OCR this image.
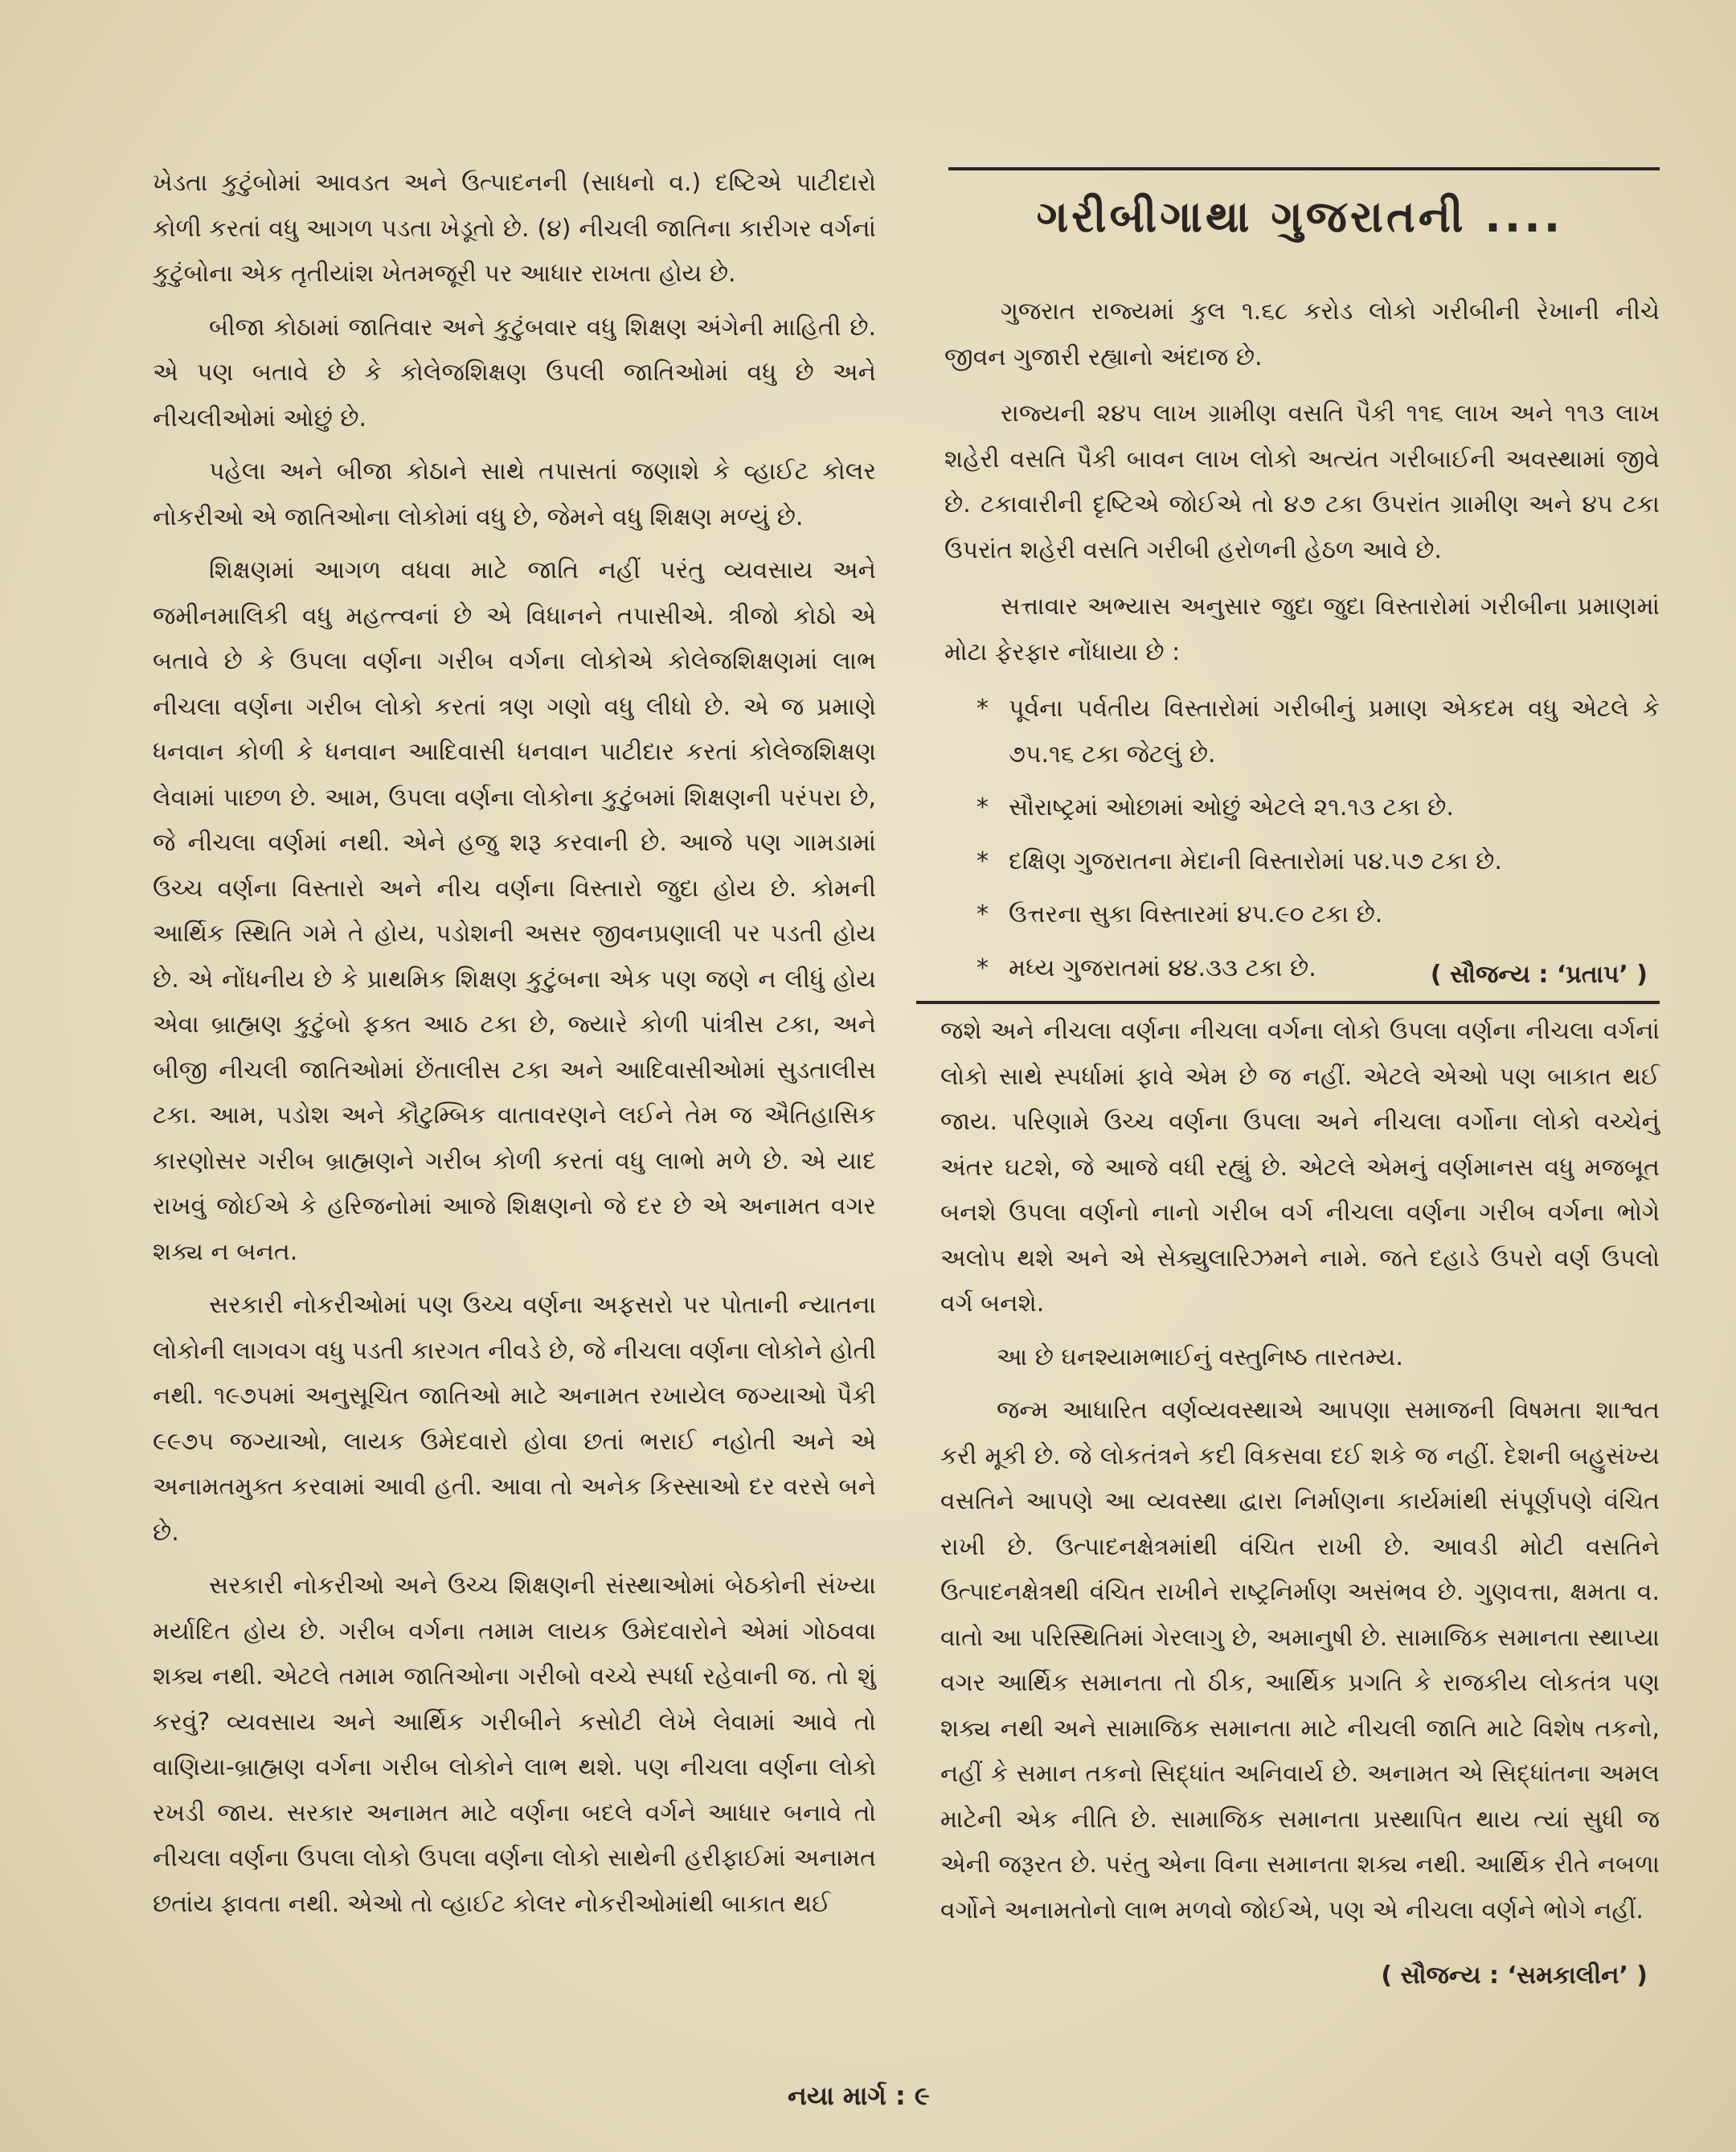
ખેડતા કુટુંબોમાં આવડત અને ઉત્પાદનની (સાધનો વ.) દષ્ટિએ પાટીદારો કોળી કરતાં વધુ આગળ પડતા ખેડૂતો છે. (૪) નીચલી જાતિના કારીગર વર્ગનાં કુટુંબોના એક તૃતીયાંશ ખેતમજૂરી પર આધાર રાખતા હોય છે.

બીજા કોઠામાં જાતિવાર અને કુટુંબવાર વધુ શિક્ષણ અંગેની માહિતી છે. એ પણ બતાવે છે કે કોલેજશિક્ષણ ઉપલી જાતિઓમાં વધુ છે અને નીચલીઓમાં ઓછું છે.

પહેલા અને બીજા કોઠાને સાથે તપાસતાં જણાશે કે વ્હાઈટ કોલર નોકરીઓ એ જાતિઓના લોકોમાં વધુ છે, જેમને વધુ શિક્ષણ મળ્યું છે.

શિક્ષણમાં આગળ વધવા માટે જાતિ નહીં પરંતુ વ્યવસાય અને જમીનમાલિકી વધુ મહત્ત્વનાં છે એ વિધાનને તપાસીએ. ત્રીજો કોઠો એ બતાવે છે કે ઉપલા વર્ણના ગરીબ વર્ગના લોકોએ કોલેજશિક્ષણમાં લાભ નીચલા વર્ણના ગરીબ લોકો કરતાં ત્રણ ગણો વધુ લીધો છે. એ જ પ્રમાણે ધનવાન કોળી કે ધનવાન આદિવાસી ધનવાન પાટીદાર કરતાં કોલેજશિક્ષણ લેવામાં પાછળ છે. આમ, ઉપલા વર્ણના લોકોના કુટુંબમાં શિક્ષણની પરંપરા છે, જે નીચલા વર્ણમાં નથી. એને હજુ શરૂ કરવાની છે. આજે પણ ગામડામાં ઉચ્ચ વર્ણના વિસ્તારો અને નીચ વર્ણના વિસ્તારો જુદા હોય છે. કોમની આર્થિક સ્થિતિ ગમે તે હોય, પડોશની અસર જીવનપ્રણાલી પર પડતી હોય છે. એ નોંધનીય છે કે પ્રાથમિક શિક્ષણ કુટુંબના એક પણ જણે ન લીધું હોય એવા બ્રાહ્મણ કુટુંબો ફક્ત આઠ ટકા છે, જ્યારે કોળી પાંત્રીસ ટકા, અને બીજી નીચલી જાતિઓમાં છેંતાલીસ ટકા અને આદિવાસીઓમાં સુડતાલીસ ટકા. આમ, પડોશ અને કૌટુમ્બિક વાતાવરણને લઈને તેમ જ ઐતિહાસિક કારણોસર ગરીબ બ્રાહ્મણને ગરીબ કોળી કરતાં વધુ લાભો મળે છે. એ યાદ રાખવું જોઈએ કે હરિજનોમાં આજે શિક્ષણનો જે દર છે એ અનામત વગર શક્ય ન બનત.

સરકારી નોકરીઓમાં પણ ઉચ્ચ વર્ણના અફસરો પર પોતાની ન્યાતના લોકોની લાગવગ વધુ પડતી કારગત નીવડે છે, જે નીચલા વર્ણના લોકોને હોતી નથી. ૧૯૭૫માં અનુસૂચિત જાતિઓ માટે અનામત રખાયેલ જગ્યાઓ પૈકી ૯૯૭૫ જગ્યાઓ, લાયક ઉમેદવારો હોવા છતાં ભરાઈ નહોતી અને એ અનામતમુક્ત કરવામાં આવી હતી. આવા તો અનેક કિસ્સાઓ દર વરસે બને છે.

સરકારી નોકરીઓ અને ઉચ્ચ શિક્ષણની સંસ્થાઓમાં બેઠકોની સંખ્યા મર્યાદિત હોય છે. ગરીબ વર્ગના તમામ લાયક ઉમેદવારોને એમાં ગોઠવવા શક્ય નથી. એટલે તમામ જાતિઓના ગરીબો વચ્ચે સ્પર્ધા રહેવાની જ. તો શું કરવું? વ્યવસાય અને આર્થિક ગરીબીને કસોટી લેખે લેવામાં આવે તો વાણિયા-બ્રાહ્મણ વર્ગના ગરીબ લોકોને લાભ થશે. પણ નીચલા વર્ણના લોકો રખડી જાય. સરકાર અનામત માટે વર્ણના બદલે વર્ગને આધાર બનાવે તો નીચલા વર્ણના ઉપલા લોકો ઉપલા વર્ણના લોકો સાથેની હરીફાઈમાં અનામત છતાંય ફાવતા નથી. એઓ તો વ્હાઈટ કોલર નોકરીઓમાંથી બાકાત થઈ

ગરીબીગાથા ગુજરાતની ....

ગુજરાત રાજ્યમાં કુલ ૧.૬૮ કરોડ લોકો ગરીબીની રેખાની નીચે જીવન ગુજારી રહ્યાનો અંદાજ છે.

રાજ્યની ૨૪૫ લાખ ગ્રામીણ વસતિ પૈકી ૧૧૬ લાખ અને ૧૧૩ લાખ શહેરી વસતિ પૈકી બાવન લાખ લોકો અત્યંત ગરીબાઈની અવસ્થામાં જીવે છે. ટકાવારીની દૃષ્ટિએ જોઈએ તો ૪૭ ટકા ઉપરાંત ગ્રામીણ અને ૪૫ ટકા ઉપરાંત શહેરી વસતિ ગરીબી હરોળની હેઠળ આવે છે.

સત્તાવાર અભ્યાસ અનુસાર જુદા જુદા વિસ્તારોમાં ગરીબીના પ્રમાણમાં મોટા ફેરફાર નોંધાયા છે :

* પૂર્વના પર્વતીય વિસ્તારોમાં ગરીબીનું પ્રમાણ એકદમ વધુ એટલે કે ૭૫.૧૬ ટકા જેટલું છે.
* સૌરાષ્ટ્રમાં ઓછામાં ઓછું એટલે ૨૧.૧૩ ટકા છે.
* દક્ષિણ ગુજરાતના મેદાની વિસ્તારોમાં ૫૪.૫૭ ટકા છે.
* ઉત્તરના સુકા વિસ્તારમાં ૪૫.૯૦ ટકા છે.
* મધ્ય ગુજરાતમાં ૪૪.૩૩ ટકા છે.	( સૌજન્ય : ‘પ્રતાપ’ )

જશે અને નીચલા વર્ણના નીચલા વર્ગના લોકો ઉપલા વર્ણના નીચલા વર્ગનાં લોકો સાથે સ્પર્ધામાં ફાવે એમ છે જ નહીં. એટલે એઓ પણ બાકાત થઈ જાય. પરિણામે ઉચ્ચ વર્ણના ઉપલા અને નીચલા વર્ગોના લોકો વચ્ચેનું અંતર ઘટશે, જે આજે વધી રહ્યું છે. એટલે એમનું વર્ણમાનસ વધુ મજબૂત બનશે ઉપલા વર્ણનો નાનો ગરીબ વર્ગ નીચલા વર્ણના ગરીબ વર્ગના ભોગે અલોપ થશે અને એ સેક્યુલારિઝમને નામે. જતે દહાડે ઉપરો વર્ણ ઉપલો વર્ગ બનશે.

આ છે ઘનશ્યામભાઈનું વસ્તુનિષ્ઠ તારતમ્ય.

જન્મ આધારિત વર્ણવ્યવસ્થાએ આપણા સમાજની વિષમતા શાશ્વત કરી મૂકી છે. જે લોકતંત્રને કદી વિકસવા દઈ શકે જ નહીં. દેશની બહુસંખ્ય વસતિને આપણે આ વ્યવસ્થા દ્વારા નિર્માણના કાર્યમાંથી સંપૂર્ણપણે વંચિત રાખી છે. ઉત્પાદનક્ષેત્રમાંથી વંચિત રાખી છે. આવડી મોટી વસતિને ઉત્પાદનક્ષેત્રથી વંચિત રાખીને રાષ્ટ્રનિર્માણ અસંભવ છે. ગુણવત્તા, ક્ષમતા વ. વાતો આ પરિસ્થિતિમાં ગેરલાગુ છે, અમાનુષી છે. સામાજિક સમાનતા સ્થાપ્યા વગર આર્થિક સમાનતા તો ઠીક, આર્થિક પ્રગતિ કે રાજકીય લોકતંત્ર પણ શક્ય નથી અને સામાજિક સમાનતા માટે નીચલી જાતિ માટે વિશેષ તકનો, નહીં કે સમાન તકનો સિદ્ધાંત અનિવાર્ય છે. અનામત એ સિદ્ધાંતના અમલ માટેની એક નીતિ છે. સામાજિક સમાનતા પ્રસ્થાપિત થાય ત્યાં સુધી જ એની જરૂરત છે. પરંતુ એના વિના સમાનતા શક્ય નથી. આર્થિક રીતે નબળા વર્ગોને અનામતોનો લાભ મળવો જોઈએ, પણ એ નીચલા વર્ણને ભોગે નહીં.

( સૌજન્ય : ‘સમકાલીન’ )
નયા માર્ગ : ૯
